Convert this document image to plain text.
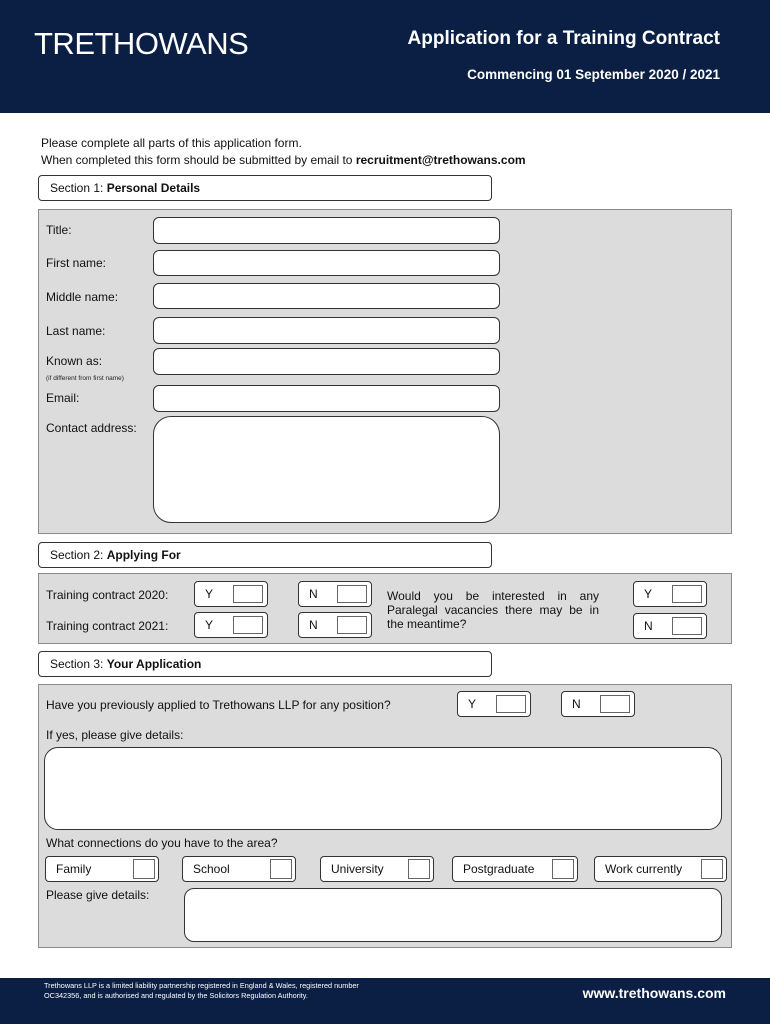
TRETHOWANS	Application for a Training Contract
Commencing 01 September 2020 / 2021
Please complete all parts of this application form.
When completed this form should be submitted by email to recruitment@trethowans.com
Section 1: Personal Details
Title:
First name:
Middle name:
Last name:
Known as:
(if different from first name)
Email:
Contact address:
Section 2: Applying For
Training contract 2020:	Y	N
Training contract 2021:	Y	N
Would you be interested in any Paralegal vacancies there may be in the meantime?
Y
N
Section 3: Your Application
Have you previously applied to Trethowans LLP for any position?	Y	N
If yes, please give details:
What connections do you have to the area?
Family	School	University	Postgraduate	Work currently
Please give details:
Trethowans LLP is a limited liability partnership registered in England & Wales, registered number OC342356, and is authorised and regulated by the Solicitors Regulation Authority.	www.trethowans.com
